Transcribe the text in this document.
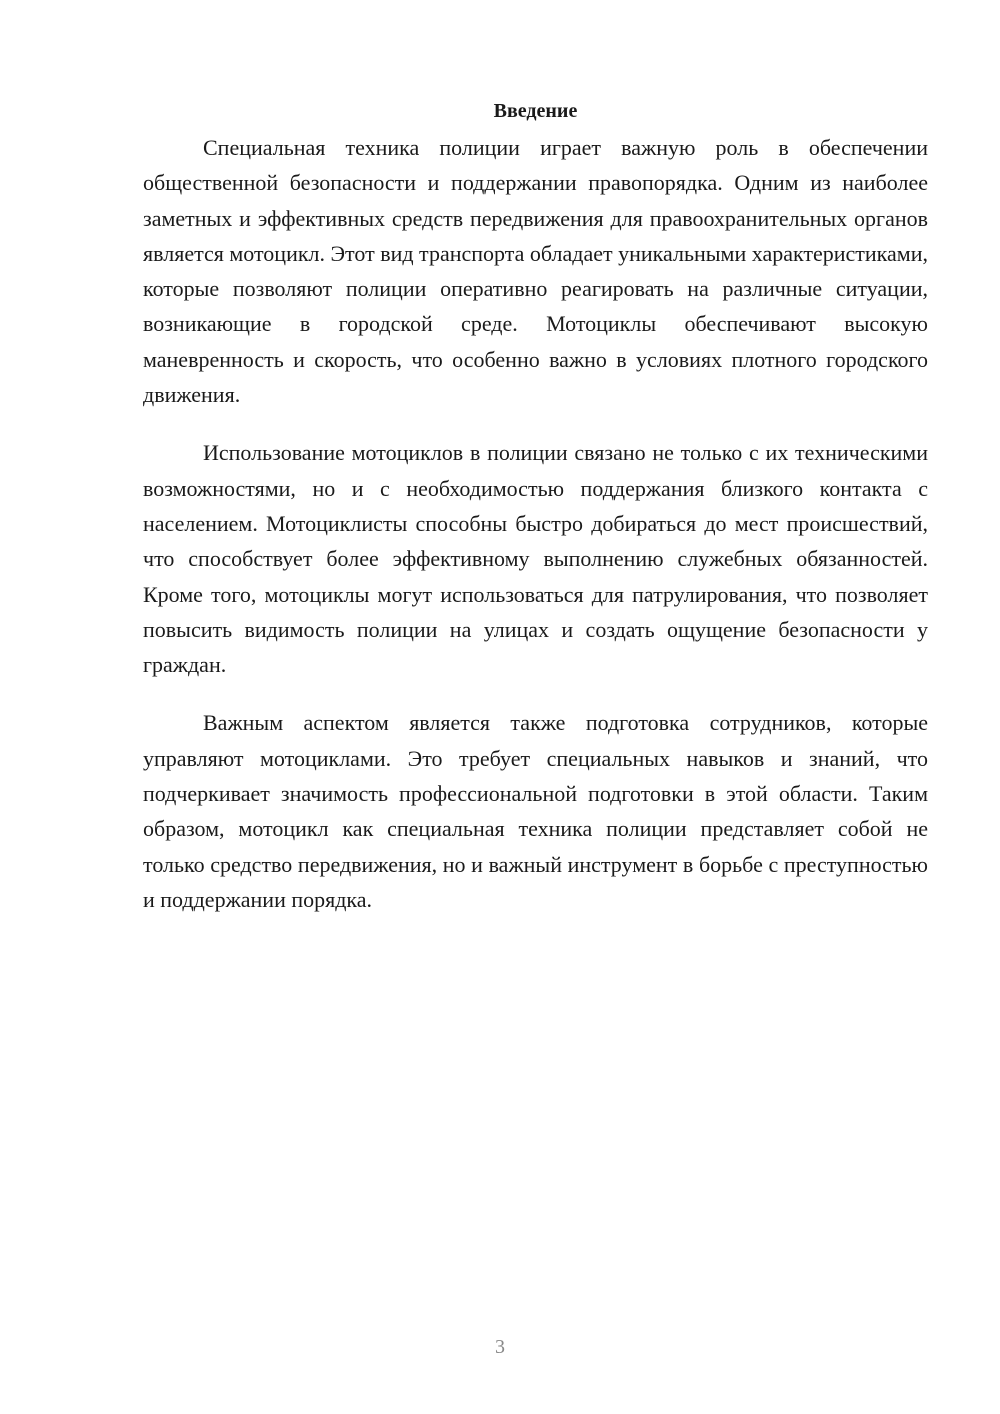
Введение

Специальная техника полиции играет важную роль в обеспечении общественной безопасности и поддержании правопорядка. Одним из наиболее заметных и эффективных средств передвижения для правоохранительных органов является мотоцикл. Этот вид транспорта обладает уникальными характеристиками, которые позволяют полиции оперативно реагировать на различные ситуации, возникающие в городской среде. Мотоциклы обеспечивают высокую маневренность и скорость, что особенно важно в условиях плотного городского движения.

Использование мотоциклов в полиции связано не только с их техническими возможностями, но и с необходимостью поддержания близкого контакта с населением. Мотоциклисты способны быстро добираться до мест происшествий, что способствует более эффективному выполнению служебных обязанностей. Кроме того, мотоциклы могут использоваться для патрулирования, что позволяет повысить видимость полиции на улицах и создать ощущение безопасности у граждан.

Важным аспектом является также подготовка сотрудников, которые управляют мотоциклами. Это требует специальных навыков и знаний, что подчеркивает значимость профессиональной подготовки в этой области. Таким образом, мотоцикл как специальная техника полиции представляет собой не только средство передвижения, но и важный инструмент в борьбе с преступностью и поддержании порядка.

3
